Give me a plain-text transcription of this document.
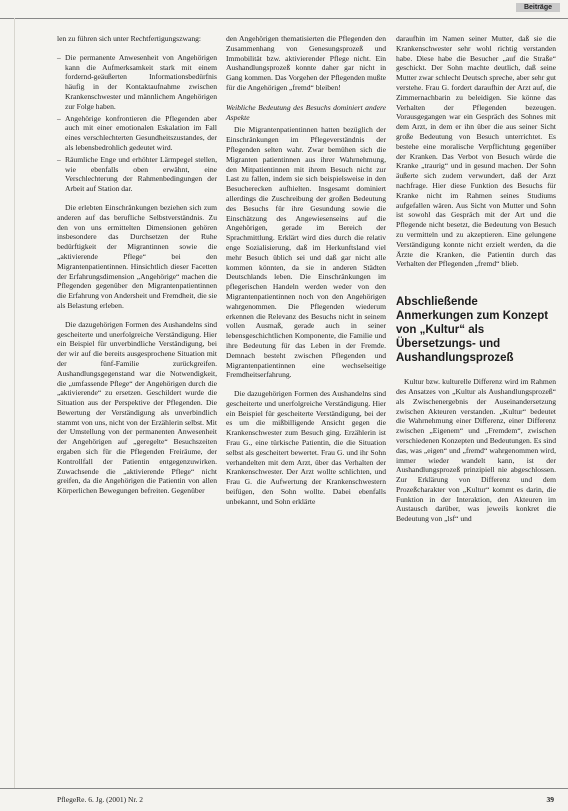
Beiträge

len zu führen sich unter Rechtfertigungszwang:

– Die permanente Anwesenheit von Angehörigen kann die Aufmerksamkeit stark mit einem fordernd-geäußerten Informationsbedürfnis häufig in der Kontaktaufnahme zwischen Krankenschwester und männlichem Angehörigen zur Folge haben.
– Angehörige konfrontieren die Pflegenden aber auch mit einer emotionalen Eskalation im Fall eines verschlechterten Gesundheitszustandes, der als lebensbedrohlich gedeutet wird.
– Räumliche Enge und erhöhter Lärmpegel stellen, wie ebenfalls oben erwähnt, eine Verschlechterung der Rahmenbedingungen der Arbeit auf Station dar.

Die erlebten Einschränkungen beziehen sich zum anderen auf das berufliche Selbstverständnis. Zu den von uns ermittelten Dimensionen gehören insbesondere das Durchsetzen der Ruhe bedürftigkeit der Migrantinnen sowie die „aktivierende Pflege“ bei den Migrantenpatientinnen. Hinsichtlich dieser Facetten der Erfahrungsdimension „Angehörige“ machen die Pflegenden gegenüber den Migrantenpatientinnen die Erfahrung von Andersheit und Fremdheit, die sie als Belastung erleben.

Die dazugehörigen Formen des Aushandelns sind gescheiterte und unerfolgreiche Verständigung. Hier ein Beispiel für unverbindliche Verständigung, bei der wir auf die bereits ausgesprochene Situation mit der fünf-Familie zurückgreifen. Aushandlungsgegenstand war die Notwendigkeit, die „umfassende Pflege“ der Angehörigen durch die „aktivierende“ zu ersetzen. Geschildert wurde die Situation aus der Perspektive der Pflegenden. Die Bewertung der Verständigung als unverbindlich stammt von uns, nicht von der Erzählerin selbst. Mit der Umstellung von der permanenten Anwesenheit der Angehörigen auf „geregelte“ Besuchszeiten ergaben sich für die Pflegenden Freiräume, der Kontrollfall der Patientin entgegenzuwirken. Zuwachsende die „aktivierende Pflege“ nicht greifen, da die Angehörigen die Patientin von allen Körperlichen Bewegungen befreiten. Gegenüber

den Angehörigen thematisierten die Pflegenden den Zusammenhang von Genesungsprozeß und Immobilität bzw. aktivierender Pflege nicht. Ein Aushandlungsprozeß konnte daher gar nicht in Gang kommen. Das Vorgehen der Pflegenden mußte für die Angehörigen „fremd“ bleiben!

Weibliche Bedeutung des Besuchs dominiert andere Aspekte

Die Migrantenpatientinnen hatten bezüglich der Einschränkungen im Pflegeverständnis der Pflegenden selten wahr. Zwar bemühen sich die Migranten patientinnen aus ihrer Wahrnehmung, den Mitpatientinnen mit ihrem Besuch nicht zur Last zu fallen, indem sie sich beispielsweise in den Besucherecken aufhielten. Insgesamt dominiert allerdings die Zuschreibung der großen Bedeutung des Besuchs für ihre Gesundung sowie die Einschätzung des Angewiesenseins auf die Angehörigen, gerade im Bereich der Sprachmittlung. Erklärt wird dies durch die relativ enge Sozialisierung, daß im Herkunftsland viel mehr Besuch üblich sei und daß gar nicht alle kommen könnten, da sie in anderen Städten Deutschlands leben. Die Einschränkungen im pflegerischen Handeln werden weder von den Migrantenpatientinnen noch von den Angehörigen wahrgenommen. Die Pflegenden wiederum erkennen die Relevanz des Besuchs nicht in seinem vollen Ausmaß, gerade auch in seiner lebensgeschichtlichen Komponente, die Familie und ihre Bedeutung für das Leben in der Fremde. Demnach besteht zwischen Pflegenden und Migrantenpatientinnen eine wechselseitige Fremdheitserfahrung.

Die dazugehörigen Formen des Aushandelns sind gescheiterte und unerfolgreiche Verständigung. Hier ein Beispiel für gescheiterte Verständigung, bei der es um die mißbilligende Ansicht gegen die Krankenschwester zum Besuch ging. Erzählerin ist Frau G., eine türkische Patientin, die die Situation selbst als gescheitert bewertet. Frau G. und ihr Sohn verhandelten mit dem Arzt, über das Verhalten der Krankenschwester. Der Arzt wollte schlichten, und Frau G. die Aufwertung der Krankenschwestern beifügen, den Sohn wollte. Dabei ebenfalls unbekannt, und Sohn erklärte

daraufhin im Namen seiner Mutter, daß sie die Krankenschwester sehr wohl richtig verstanden habe. Diese habe die Besucher „auf die Straße“ geschickt. Der Sohn machte deutlich, daß seine Mutter zwar schlecht Deutsch spreche, aber sehr gut verstehe. Frau G. fordert daraufhin der Arzt auf, die Zimmernachbarin zu beleidigen. Sie könne das Verhalten der Pflegenden bezeugen. Vorausgegangen war ein Gespräch des Sohnes mit dem Arzt, in dem er ihn über die aus seiner Sicht große Bedeutung von Besuch unterrichtet. Es bestehe eine moralische Verpflichtung gegenüber der Kranken. Das Verbot von Besuch würde die Kranke „traurig“ und in gesund machen. Der Sohn äußerte sich zudem verwundert, daß der Arzt nachfrage. Hier diese Funktion des Besuchs für Kranke nicht im Rahmen seines Studiums aufgefallen wären. Aus Sicht von Mutter und Sohn ist sowohl das Gespräch mit der Art und die Pflegende nicht besetzt, die Bedeutung von Besuch zu vermitteln und zu akzeptieren. Eine gelungene Verständigung konnte nicht erzielt werden, da die Ärzte die Kranken, die Patientin durch das Verhalten der Pflegenden „fremd“ blieb.

Abschließende Anmerkungen zum Konzept von „Kultur“ als Übersetzungs- und Aushandlungsprozeß

Kultur bzw. kulturelle Differenz wird im Rahmen des Ansatzes von „Kultur als Aushandlungsprozeß“ als Zwischenergebnis der Auseinandersetzung zwischen Akteuren verstanden. „Kultur“ bedeutet die Wahrnehmung einer Differenz, einer Differenz zwischen „Eigenem“ und „Fremdem“, zwischen verschiedenen Konzepten und Bedeutungen. Es sind das, was „eigen“ und „fremd“ wahrgenommen wird, immer wieder wandelt kann, ist der Aushandlungsprozeß prinzipiell nie abgeschlossen. Zur Erklärung von Differenz und dem Prozeßcharakter von „Kultur“ kommt es darin, die Funktion in der Interaktion, den Akteuren im Austausch darüber, was jeweils konkret die Bedeutung von „lsf“ und

PflegeRe. 6. Jg. (2001) Nr. 2	39
